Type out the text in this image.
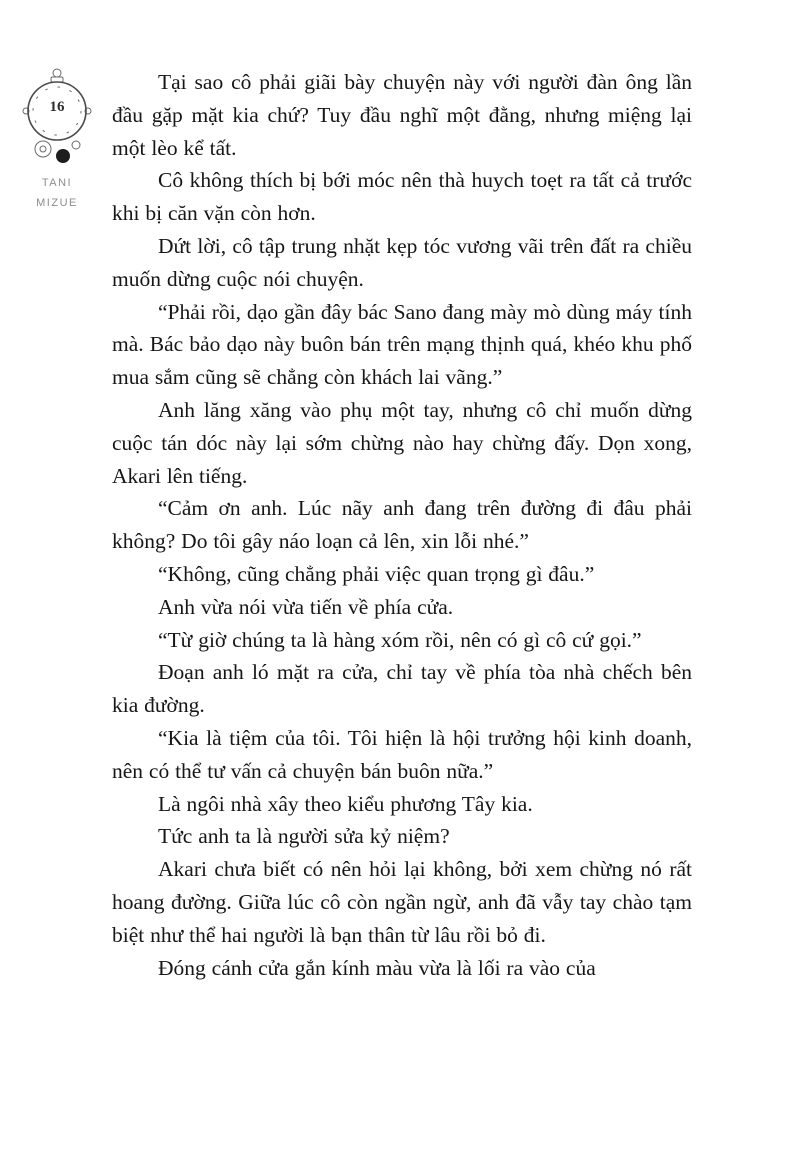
16
TANI
MIZUE

Tại sao cô phải giãi bày chuyện này với người đàn ông lần đầu gặp mặt kia chứ? Tuy đầu nghĩ một đằng, nhưng miệng lại một lèo kể tất.

Cô không thích bị bới móc nên thà huych toẹt ra tất cả trước khi bị căn vặn còn hơn.

Dứt lời, cô tập trung nhặt kẹp tóc vương vãi trên đất ra chiều muốn dừng cuộc nói chuyện.

“Phải rồi, dạo gần đây bác Sano đang mày mò dùng máy tính mà. Bác bảo dạo này buôn bán trên mạng thịnh quá, khéo khu phố mua sắm cũng sẽ chẳng còn khách lai vãng.”

Anh lăng xăng vào phụ một tay, nhưng cô chỉ muốn dừng cuộc tán dóc này lại sớm chừng nào hay chừng đấy. Dọn xong, Akari lên tiếng.

“Cảm ơn anh. Lúc nãy anh đang trên đường đi đâu phải không? Do tôi gây náo loạn cả lên, xin lỗi nhé.”

“Không, cũng chẳng phải việc quan trọng gì đâu.”

Anh vừa nói vừa tiến về phía cửa.

“Từ giờ chúng ta là hàng xóm rồi, nên có gì cô cứ gọi.”

Đoạn anh ló mặt ra cửa, chỉ tay về phía tòa nhà chếch bên kia đường.

“Kia là tiệm của tôi. Tôi hiện là hội trưởng hội kinh doanh, nên có thể tư vấn cả chuyện bán buôn nữa.”

Là ngôi nhà xây theo kiểu phương Tây kia.

Tức anh ta là người sửa kỷ niệm?

Akari chưa biết có nên hỏi lại không, bởi xem chừng nó rất hoang đường. Giữa lúc cô còn ngần ngừ, anh đã vẫy tay chào tạm biệt như thể hai người là bạn thân từ lâu rồi bỏ đi.

Đóng cánh cửa gắn kính màu vừa là lối ra vào của
